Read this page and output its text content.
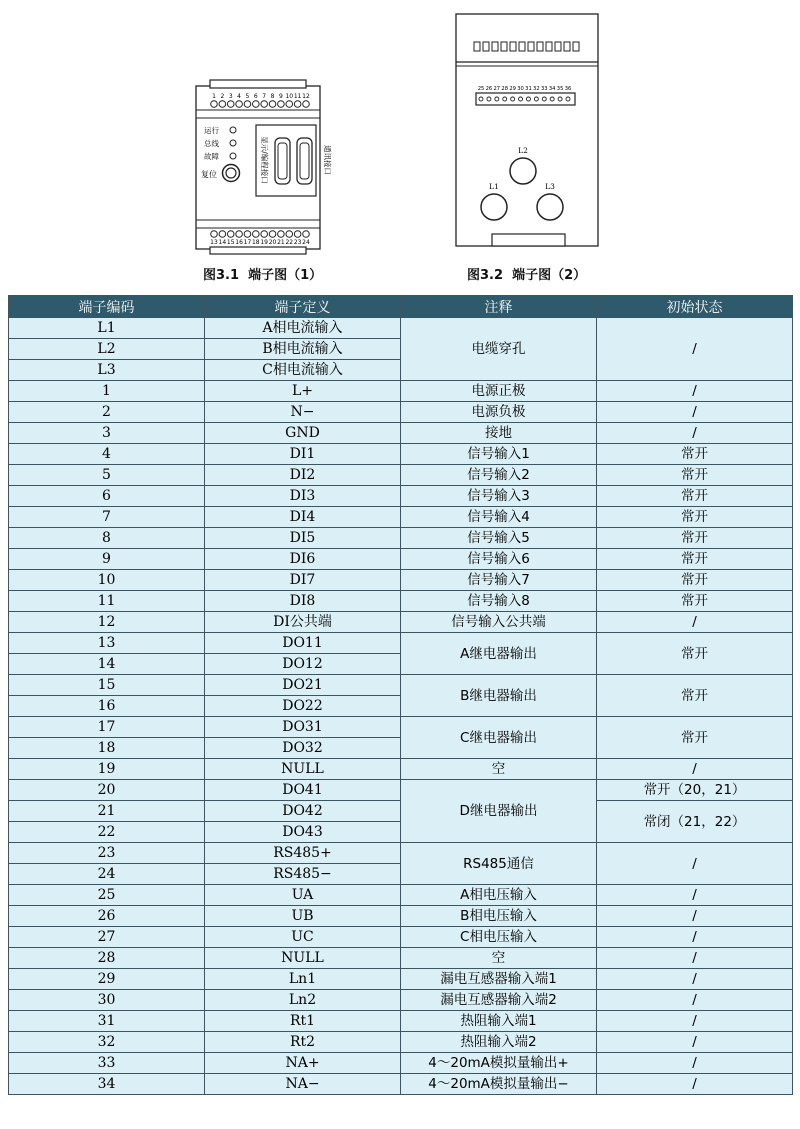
1 2 3 4 5 6 7 8 9 10 11 12
13 14 15 16 17 18 19 20 21 22 23 24
运行
总线
故障
复位	显示/编程接口	通讯接口
25 26 27 28 29 30 31 32 33 34 35 36
L2
L1	L3
图3.1  端子图（1）	图3.2  端子图（2）
端子编码	端子定义	注释	初始状态
L1	A相电流输入	电缆穿孔	/
L2	B相电流输入		
L3	C相电流输入		
1	L+	电源正极	/
2	N−	电源负极	/
3	GND	接地	/
4	DI1	信号输入1	常开
5	DI2	信号输入2	常开
6	DI3	信号输入3	常开
7	DI4	信号输入4	常开
8	DI5	信号输入5	常开
9	DI6	信号输入6	常开
10	DI7	信号输入7	常开
11	DI8	信号输入8	常开
12	DI公共端	信号输入公共端	/
13	DO11	A继电器输出	常开
14	DO12		
15	DO21	B继电器输出	常开
16	DO22		
17	DO31	C继电器输出	常开
18	DO32		
19	NULL	空	/
20	DO41	D继电器输出	常开（20，21）
21	DO42		常闭（21，22）
22	DO43		
23	RS485+	RS485通信	/
24	RS485−		
25	UA	A相电压输入	/
26	UB	B相电压输入	/
27	UC	C相电压输入	/
28	NULL	空	/
29	Ln1	漏电互感器输入端1	/
30	Ln2	漏电互感器输入端2	/
31	Rt1	热阻输入端1	/
32	Rt2	热阻输入端2	/
33	NA+	4～20mA模拟量输出+	/
34	NA−	4～20mA模拟量输出−	/
